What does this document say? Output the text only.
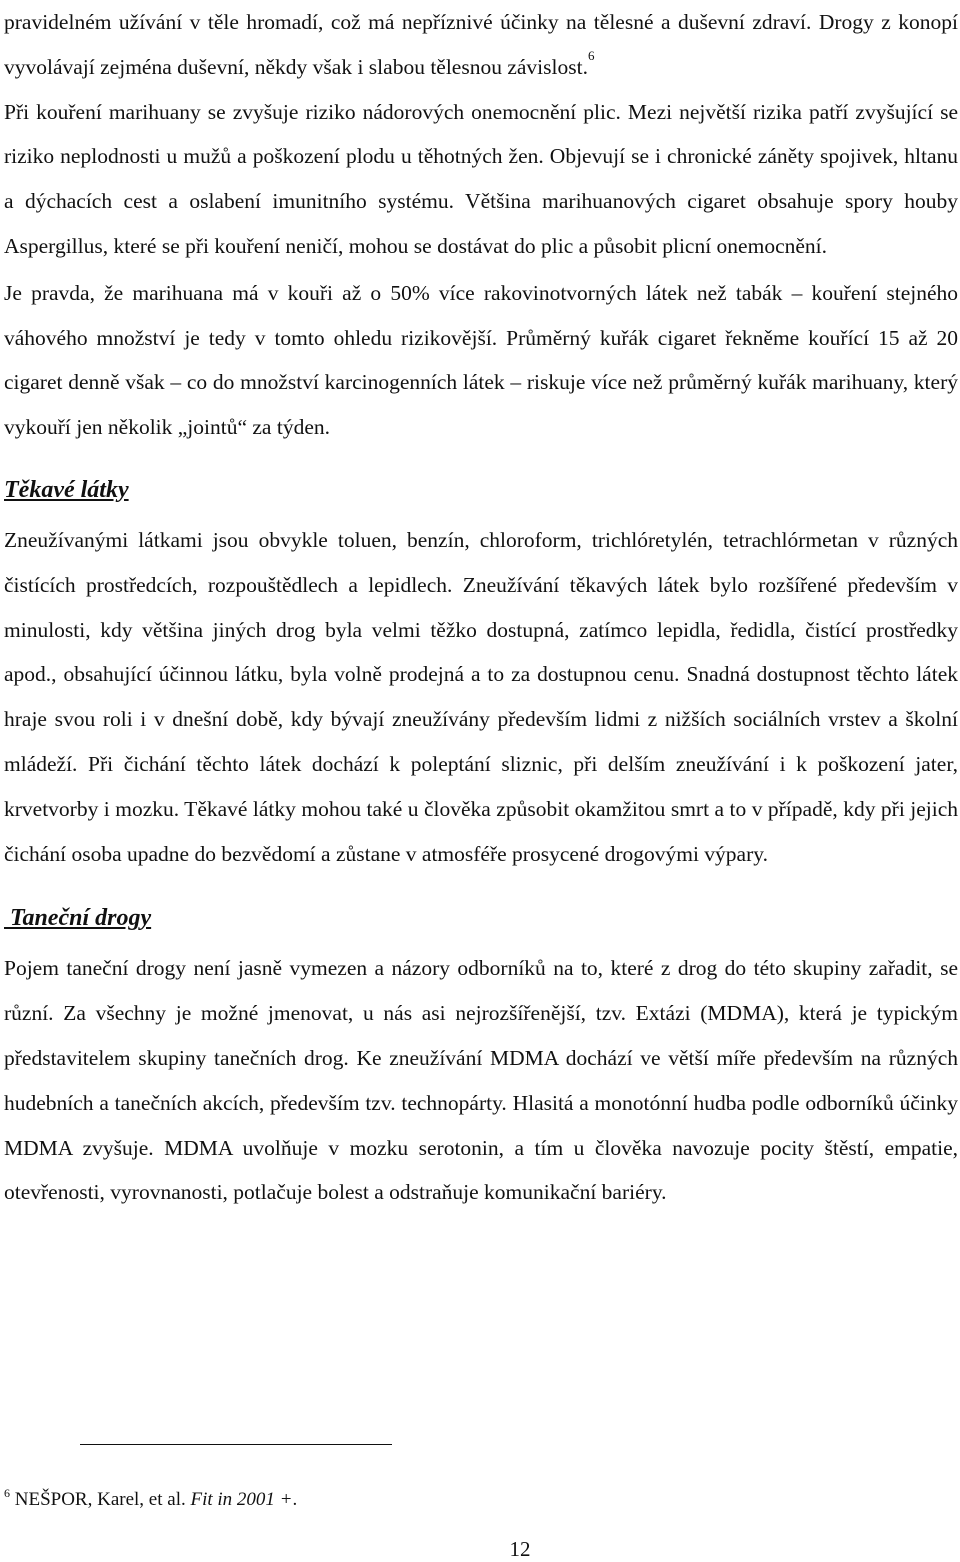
pravidelném užívání v těle hromadí, což má nepříznivé účinky na tělesné a duševní zdraví. Drogy z konopí vyvolávají zejména duševní, někdy však i slabou tělesnou závislost.$^6$

Při kouření marihuany se zvyšuje riziko nádorových onemocnění plic. Mezi největší rizika patří zvyšující se riziko neplodnosti u mužů a poškození plodu u těhotných žen. Objevují se i chronické záněty spojivek, hltanu a dýchacích cest a oslabení imunitního systému. Většina marihuanových cigaret obsahuje spory houby Aspergillus, které se při kouření neničí, mohou se dostávat do plic a působit plicní onemocnění.

Je pravda, že marihuana má v kouři až o 50% více rakovinotvorných látek než tabák – kouření stejného váhového množství je tedy v tomto ohledu rizikovější. Průměrný kuřák cigaret řekněme kouřící 15 až 20 cigaret denně však – co do množství karcinogenních látek – riskuje více než průměrný kuřák marihuany, který vykouří jen několik „jointů“ za týden.

Těkavé látky

Zneužívanými látkami jsou obvykle toluen, benzín, chloroform, trichlóretylén, tetrachlórmetan v různých čistících prostředcích, rozpouštědlech a lepidlech. Zneužívání těkavých látek bylo rozšířené především v minulosti, kdy většina jiných drog byla velmi těžko dostupná, zatímco lepidla, ředidla, čistící prostředky apod., obsahující účinnou látku, byla volně prodejná a to za dostupnou cenu. Snadná dostupnost těchto látek hraje svou roli i v dnešní době, kdy bývají zneužívány především lidmi z nižších sociálních vrstev a školní mládeží. Při čichání těchto látek dochází k poleptání sliznic, při delším zneužívání i k poškození jater, krvetvorby i mozku. Těkavé látky mohou také u člověka způsobit okamžitou smrt a to v případě, kdy při jejich čichání osoba upadne do bezvědomí a zůstane v atmosféře prosycené drogovými výpary.

Taneční drogy

Pojem taneční drogy není jasně vymezen a názory odborníků na to, které z drog do této skupiny zařadit, se různí. Za všechny je možné jmenovat, u nás asi nejrozšířenější, tzv. Extázi (MDMA), která je typickým představitelem skupiny tanečních drog. Ke zneužívání MDMA dochází ve větší míře především na různých hudebních a tanečních akcích, především tzv. technopárty. Hlasitá a monotónní hudba podle odborníků účinky MDMA zvyšuje. MDMA uvolňuje v mozku serotonin, a tím u člověka navozuje pocity štěstí, empatie, otevřenosti, vyrovnanosti, potlačuje bolest a odstraňuje komunikační bariéry.

$^6$ NEŠPOR, Karel, et al. Fit in 2001 +.
12
